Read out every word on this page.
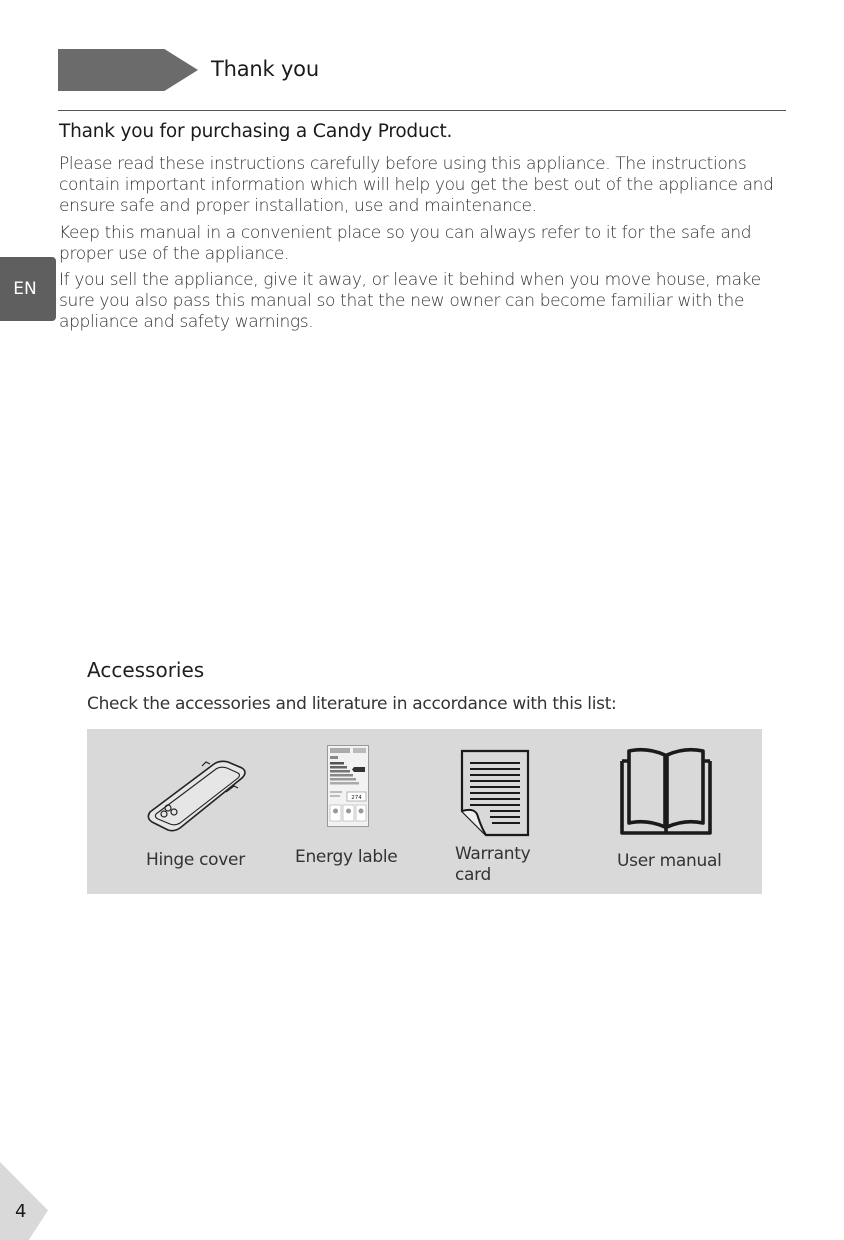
Thank you
Thank you for purchasing a Candy Product.
Please read these instructions carefully before using this appliance. The instructions contain important information which will help you get the best out of the appliance and ensure safe and proper installation, use and maintenance.
Keep this manual in a convenient place so you can always refer to it for the safe and proper use of the appliance.
If you sell the appliance, give it away, or leave it behind when you move house, make sure you also pass this manual so that the new owner can become familiar with the appliance and safety warnings.
EN
Accessories
Check the accessories and literature in accordance with this list:
Hinge cover
274
Energy lable	Warranty
card
User manual
4
